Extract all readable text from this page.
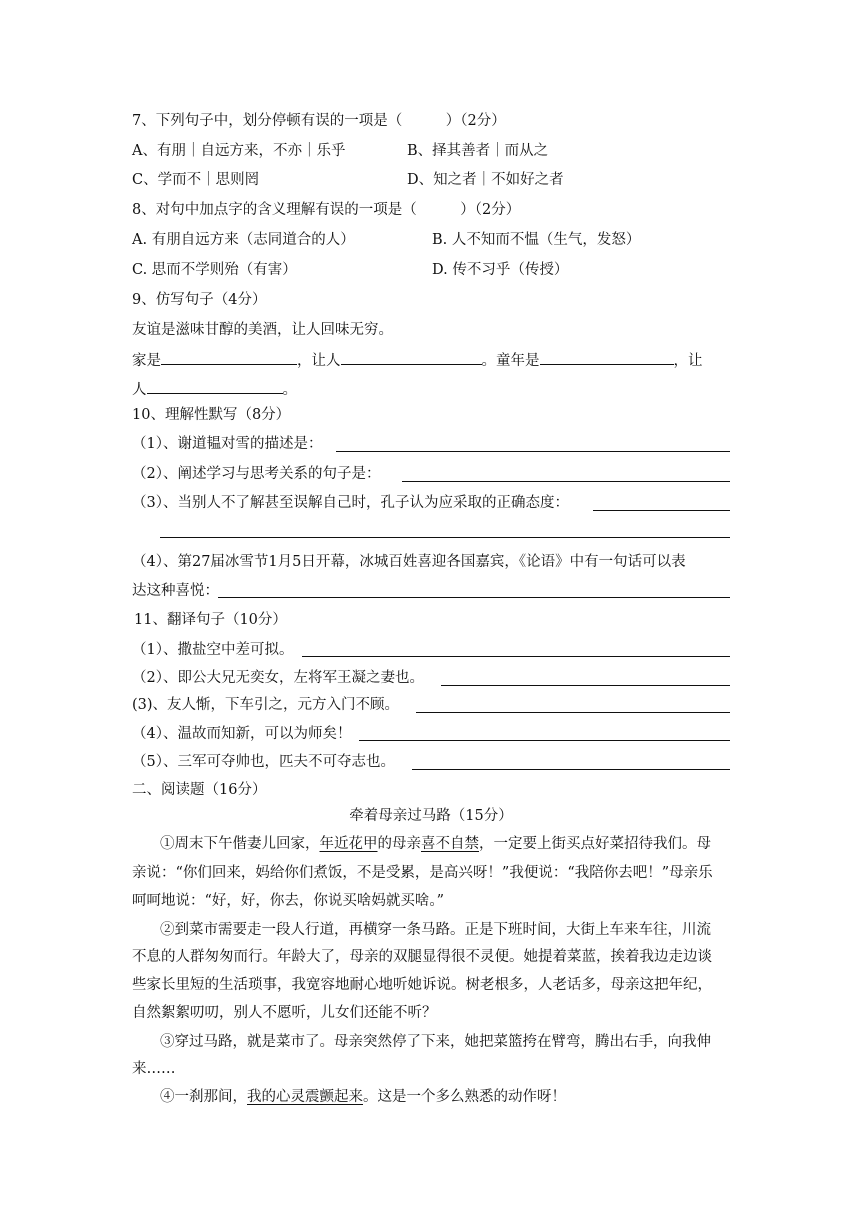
7、下列句子中，划分停顿有误的一项是（　　　）（2分）
A、有朋｜自远方来，不亦｜乐乎	B、择其善者｜而从之
C、学而不｜思则罔	D、知之者｜不如好之者
8、对句中加点字的含义理解有误的一项是（　　　）（2分）
A. 有朋自远方来（志同道合的人）	B. 人不知而不愠（生气，发怒）
C. 思而不学则殆（有害）	D. 传不习乎（传授）
9、仿写句子（4分）
友谊是滋味甘醇的美酒，让人回味无穷。
家是	，让人	。童年是	，让
人	。
10、理解性默写（8分）
（1）、谢道韫对雪的描述是：
（2）、阐述学习与思考关系的句子是：
（3）、当别人不了解甚至误解自己时，孔子认为应采取的正确态度：
（4）、第27届冰雪节1月5日开幕，冰城百姓喜迎各国嘉宾，《论语》中有一句话可以表
达这种喜悦：
11、翻译句子（10分）
（1）、撒盐空中差可拟。
（2）、即公大兄无奕女，左将军王凝之妻也。
(3)、友人惭，下车引之，元方入门不顾。
（4）、温故而知新，可以为师矣！
（5）、三军可夺帅也，匹夫不可夺志也。
二、阅读题（16分）
牵着母亲过马路（15分）
①周末下午偕妻儿回家，年近花甲的母亲喜不自禁，一定要上街买点好菜招待我们。母
亲说：“你们回来，妈给你们煮饭，不是受累，是高兴呀！”我便说：“我陪你去吧！”母亲乐
呵呵地说：“好，好，你去，你说买啥妈就买啥。”
②到菜市需要走一段人行道，再横穿一条马路。正是下班时间，大街上车来车往，川流
不息的人群匆匆而行。年龄大了，母亲的双腿显得很不灵便。她提着菜蓝，挨着我边走边谈
些家长里短的生活琐事，我宽容地耐心地听她诉说。树老根多，人老话多，母亲这把年纪，
自然絮絮叨叨，别人不愿听，儿女们还能不听？
③穿过马路，就是菜市了。母亲突然停了下来，她把菜篮挎在臂弯，腾出右手，向我伸
来……
④一刹那间，我的心灵震颤起来。这是一个多么熟悉的动作呀！
